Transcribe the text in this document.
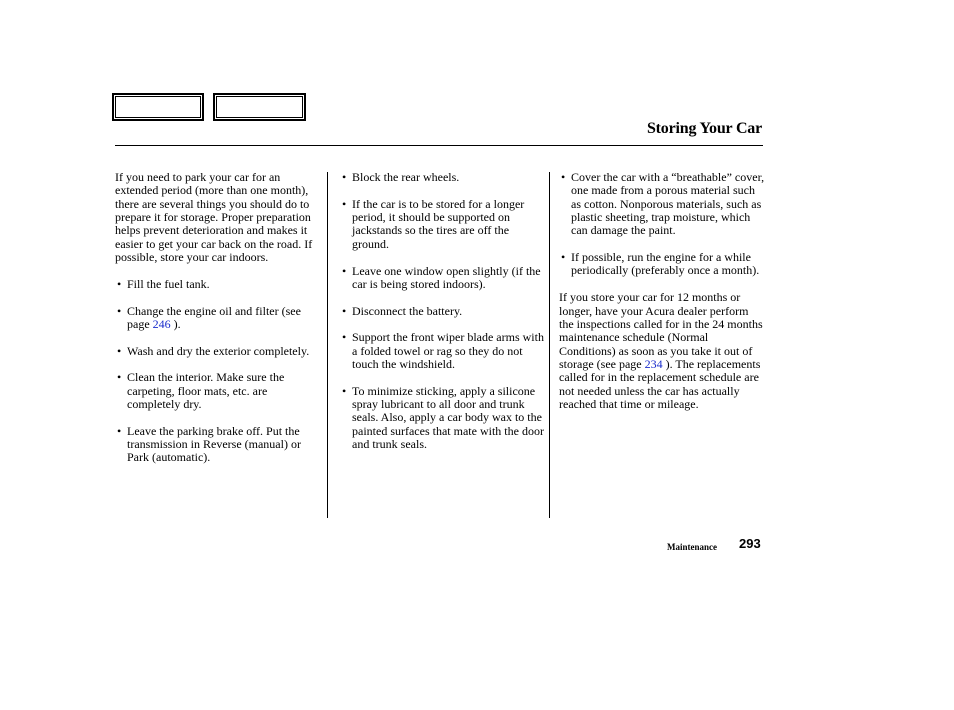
Storing Your Car

If you need to park your car for an extended period (more than one month), there are several things you should do to prepare it for storage. Proper preparation helps prevent deterioration and makes it easier to get your car back on the road. If possible, store your car indoors.

• Fill the fuel tank.
• Change the engine oil and filter (see page 246 ).
• Wash and dry the exterior completely.
• Clean the interior. Make sure the carpeting, floor mats, etc. are completely dry.
• Leave the parking brake off. Put the transmission in Reverse (manual) or Park (automatic).
• Block the rear wheels.
• If the car is to be stored for a longer period, it should be supported on jackstands so the tires are off the ground.
• Leave one window open slightly (if the car is being stored indoors).
• Disconnect the battery.
• Support the front wiper blade arms with a folded towel or rag so they do not touch the windshield.
• To minimize sticking, apply a silicone spray lubricant to all door and trunk seals. Also, apply a car body wax to the painted surfaces that mate with the door and trunk seals.
• Cover the car with a “breathable” cover, one made from a porous material such as cotton. Nonporous materials, such as plastic sheeting, trap moisture, which can damage the paint.
• If possible, run the engine for a while periodically (preferably once a month).

If you store your car for 12 months or longer, have your Acura dealer perform the inspections called for in the 24 months maintenance schedule (Normal Conditions) as soon as you take it out of storage (see page 234 ). The replacements called for in the replacement schedule are not needed unless the car has actually reached that time or mileage.

Maintenance 293
